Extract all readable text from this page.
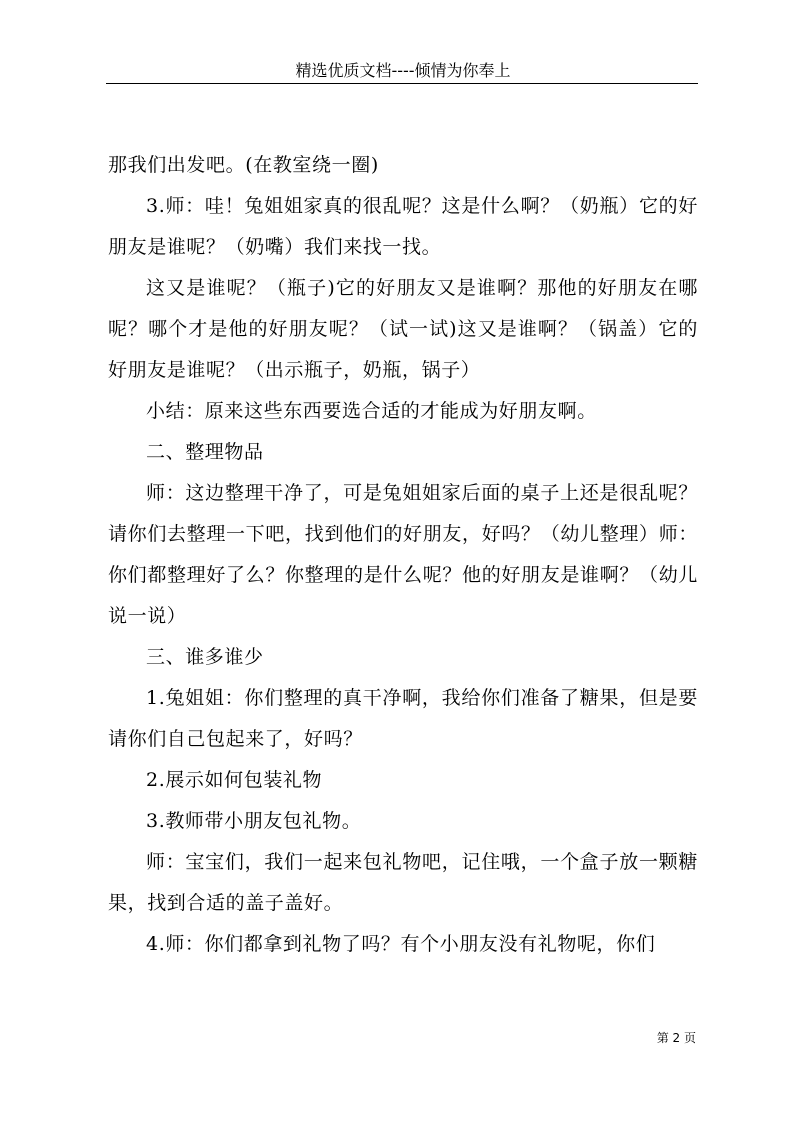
精选优质文档----倾情为你奉上

那我们出发吧。(在教室绕一圈)

3.师：哇！兔姐姐家真的很乱呢？这是什么啊？（奶瓶）它的好朋友是谁呢？（奶嘴）我们来找一找。

这又是谁呢？（瓶子)它的好朋友又是谁啊？那他的好朋友在哪呢？哪个才是他的好朋友呢？（试一试)这又是谁啊？（锅盖）它的好朋友是谁呢？（出示瓶子，奶瓶，锅子）

小结：原来这些东西要选合适的才能成为好朋友啊。

二、整理物品

师：这边整理干净了，可是兔姐姐家后面的桌子上还是很乱呢？请你们去整理一下吧，找到他们的好朋友，好吗？（幼儿整理）师：你们都整理好了么？你整理的是什么呢？他的好朋友是谁啊？（幼儿说一说）

三、谁多谁少

1.兔姐姐：你们整理的真干净啊，我给你们准备了糖果，但是要请你们自己包起来了，好吗？

2.展示如何包装礼物

3.教师带小朋友包礼物。

师：宝宝们，我们一起来包礼物吧，记住哦，一个盒子放一颗糖果，找到合适的盖子盖好。

4.师：你们都拿到礼物了吗？有个小朋友没有礼物呢，你们

第 2 页
